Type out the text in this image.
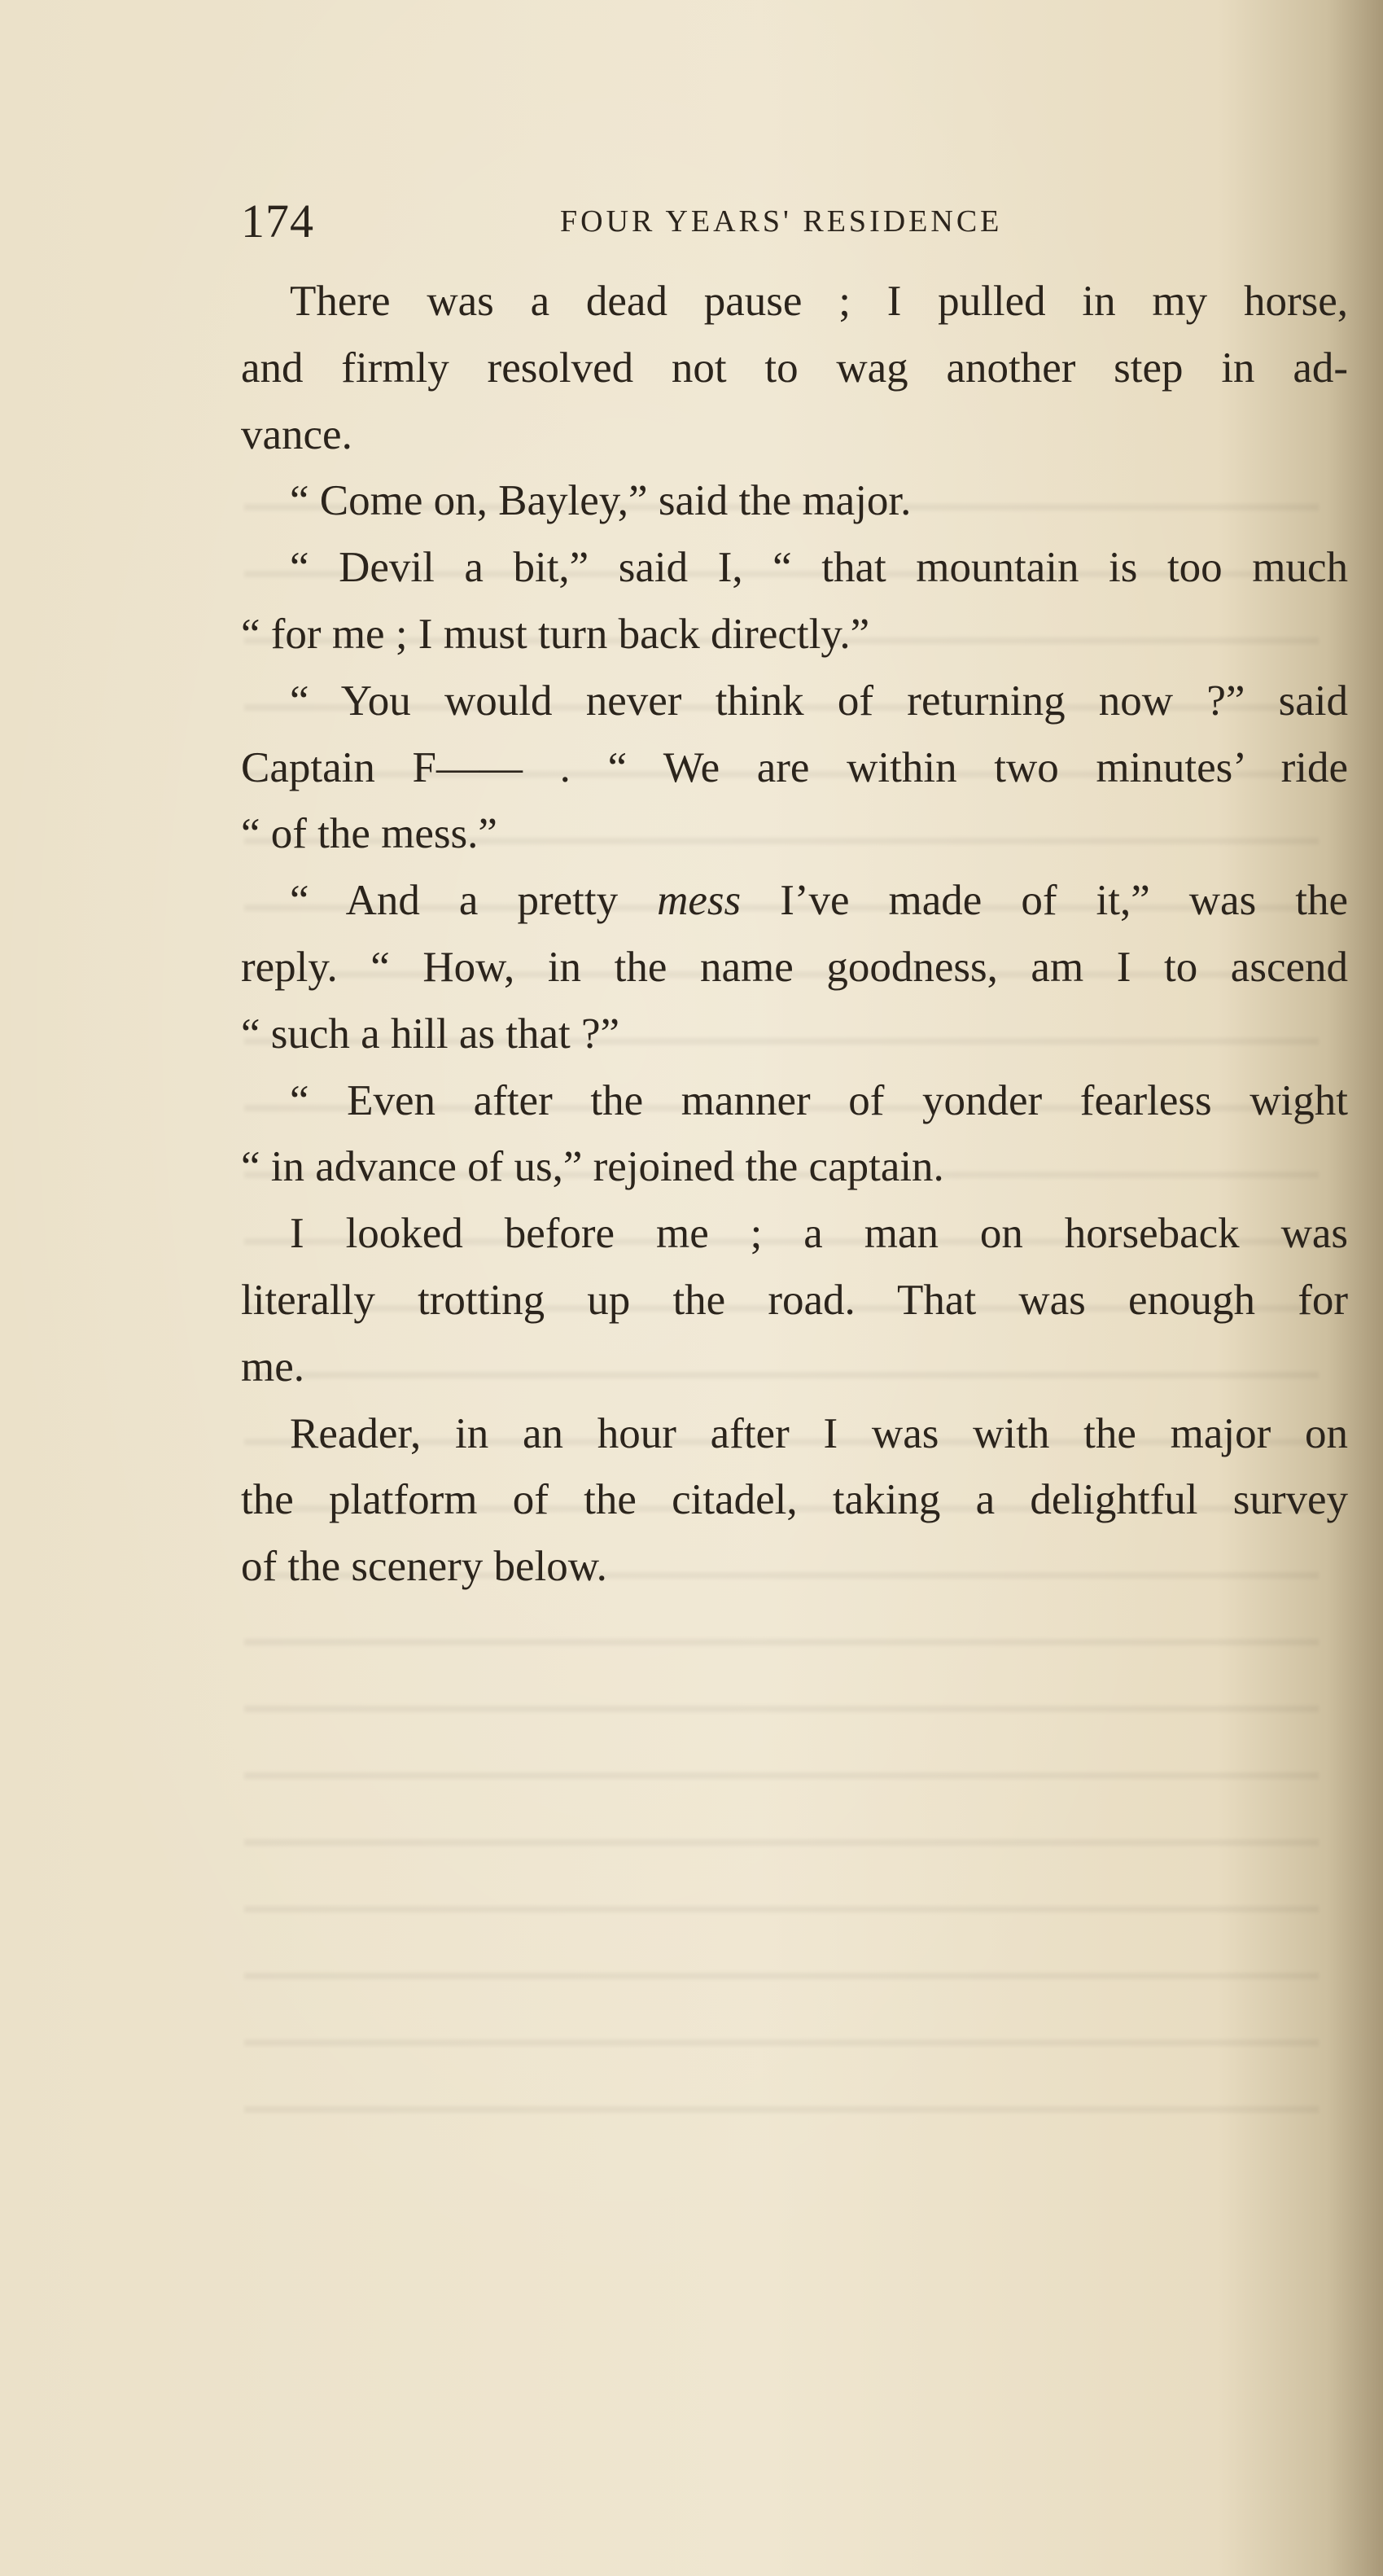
174	FOUR YEARS' RESIDENCE
There was a dead pause ; I pulled in my horse,
and firmly resolved not to wag another step in ad-
vance.
“ Come on, Bayley,” said the major.
“ Devil a bit,” said I, “ that mountain is too much
“ for me ; I must turn back directly.”
“ You would never think of returning now ?” said
Captain F—— . “ We are within two minutes’ ride
“ of the mess.”
“ And a pretty mess I’ve made of it,” was the
reply. “ How, in the name goodness, am I to ascend
“ such a hill as that ?”
“ Even after the manner of yonder fearless wight
“ in advance of us,” rejoined the captain.
I looked before me ; a man on horseback was
literally trotting up the road. That was enough for
me.
Reader, in an hour after I was with the major on
the platform of the citadel, taking a delightful survey
of the scenery below.
